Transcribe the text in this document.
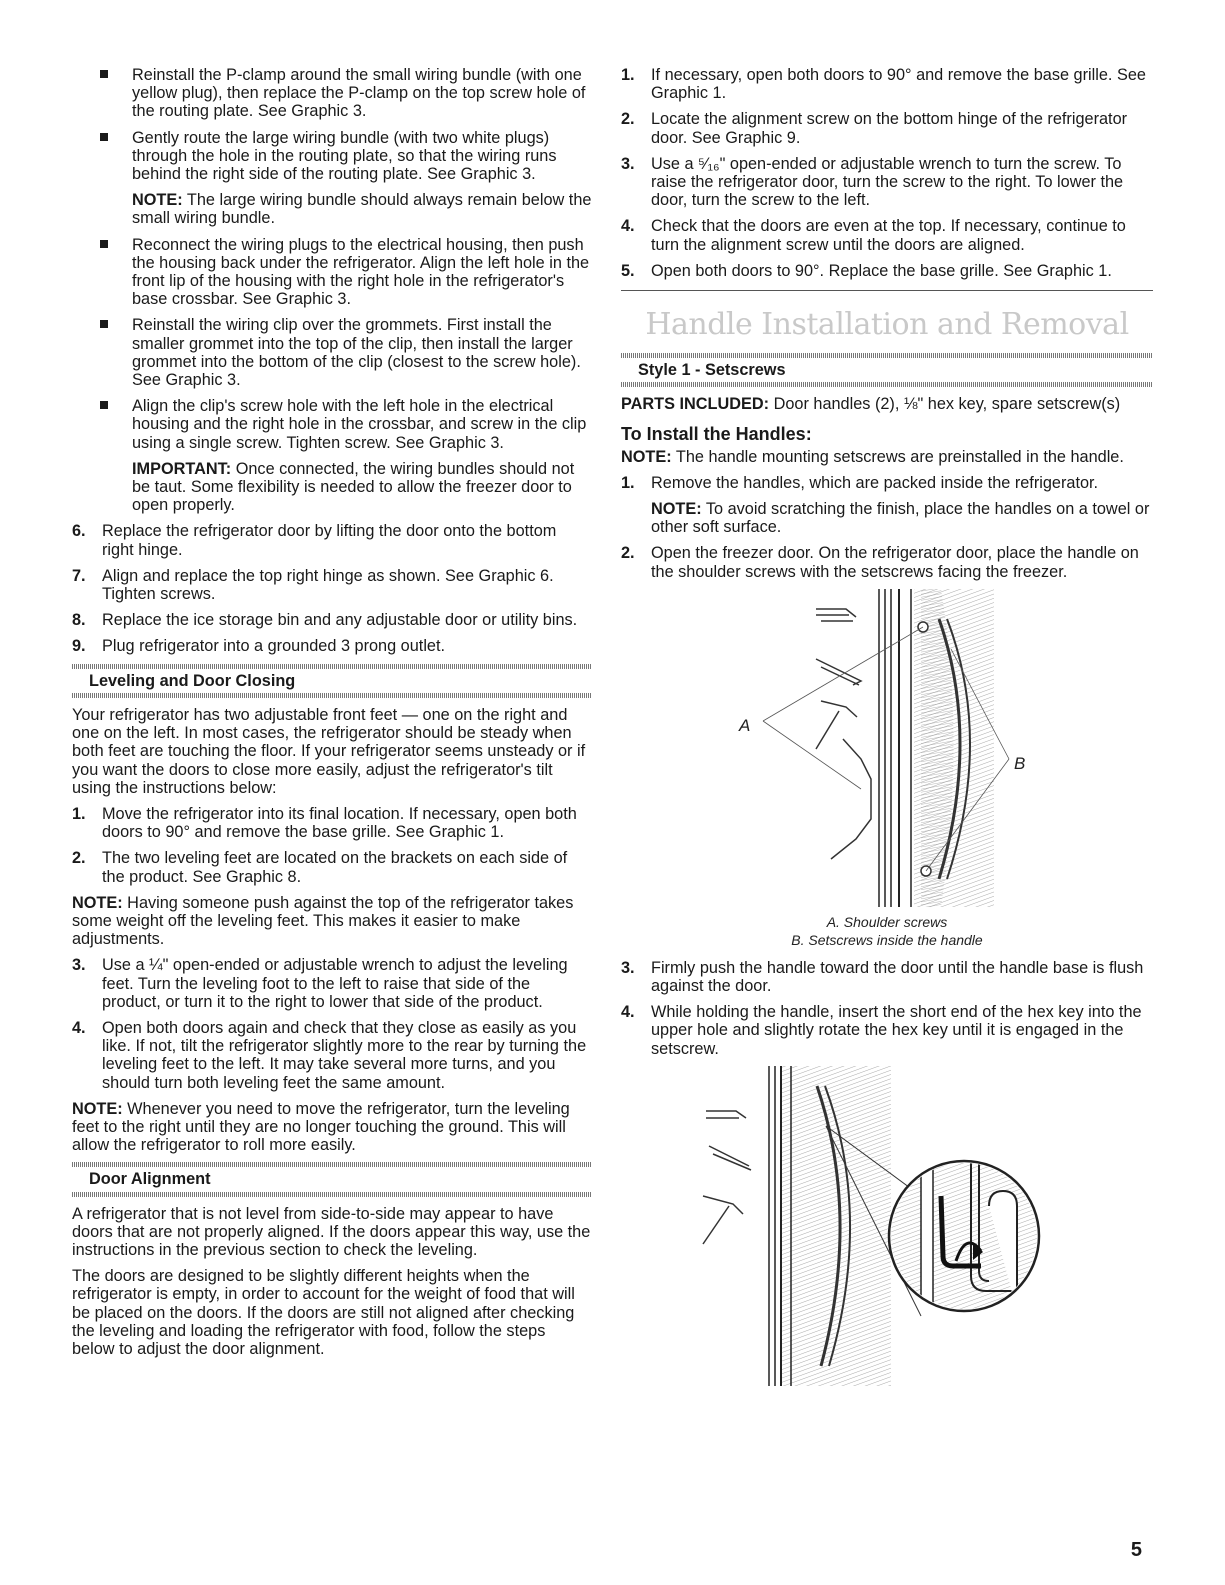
Reinstall the P-clamp around the small wiring bundle (with one yellow plug), then replace the P-clamp on the top screw hole of the routing plate. See Graphic 3.
Gently route the large wiring bundle (with two white plugs) through the hole in the routing plate, so that the wiring runs behind the right side of the routing plate. See Graphic 3.
NOTE: The large wiring bundle should always remain below the small wiring bundle.
Reconnect the wiring plugs to the electrical housing, then push the housing back under the refrigerator. Align the left hole in the front lip of the housing with the right hole in the refrigerator's base crossbar. See Graphic 3.
Reinstall the wiring clip over the grommets. First install the smaller grommet into the top of the clip, then install the larger grommet into the bottom of the clip (closest to the screw hole). See Graphic 3.
Align the clip's screw hole with the left hole in the electrical housing and the right hole in the crossbar, and screw in the clip using a single screw. Tighten screw. See Graphic 3.
IMPORTANT: Once connected, the wiring bundles should not be taut. Some flexibility is needed to allow the freezer door to open properly.
6. Replace the refrigerator door by lifting the door onto the bottom right hinge.
7. Align and replace the top right hinge as shown. See Graphic 6. Tighten screws.
8. Replace the ice storage bin and any adjustable door or utility bins.
9. Plug refrigerator into a grounded 3 prong outlet.
Leveling and Door Closing

Your refrigerator has two adjustable front feet — one on the right and one on the left. In most cases, the refrigerator should be steady when both feet are touching the floor. If your refrigerator seems unsteady or if you want the doors to close more easily, adjust the refrigerator's tilt using the instructions below:

1. Move the refrigerator into its final location. If necessary, open both doors to 90° and remove the base grille. See Graphic 1.
2. The two leveling feet are located on the brackets on each side of the product. See Graphic 8.

NOTE: Having someone push against the top of the refrigerator takes some weight off the leveling feet. This makes it easier to make adjustments.

3. Use a ¼" open-ended or adjustable wrench to adjust the leveling feet. Turn the leveling foot to the left to raise that side of the product, or turn it to the right to lower that side of the product.
4. Open both doors again and check that they close as easily as you like. If not, tilt the refrigerator slightly more to the rear by turning the leveling feet to the left. It may take several more turns, and you should turn both leveling feet the same amount.

NOTE: Whenever you need to move the refrigerator, turn the leveling feet to the right until they are no longer touching the ground. This will allow the refrigerator to roll more easily.

Door Alignment

A refrigerator that is not level from side-to-side may appear to have doors that are not properly aligned. If the doors appear this way, use the instructions in the previous section to check the leveling.

The doors are designed to be slightly different heights when the refrigerator is empty, in order to account for the weight of food that will be placed on the doors. If the doors are still not aligned after checking the leveling and loading the refrigerator with food, follow the steps below to adjust the door alignment.

1. If necessary, open both doors to 90° and remove the base grille. See Graphic 1.
2. Locate the alignment screw on the bottom hinge of the refrigerator door. See Graphic 9.
3. Use a ⁵⁄₁₆" open-ended or adjustable wrench to turn the screw. To raise the refrigerator door, turn the screw to the right. To lower the door, turn the screw to the left.
4. Check that the doors are even at the top. If necessary, continue to turn the alignment screw until the doors are aligned.
5. Open both doors to 90°. Replace the base grille. See Graphic 1.
Handle Installation and Removal
Style 1 - Setscrews

PARTS INCLUDED: Door handles (2), ⅛" hex key, spare setscrew(s)

To Install the Handles:

NOTE: The handle mounting setscrews are preinstalled in the handle.

1. Remove the handles, which are packed inside the refrigerator.
NOTE: To avoid scratching the finish, place the handles on a towel or other soft surface.
2. Open the freezer door. On the refrigerator door, place the handle on the shoulder screws with the setscrews facing the freezer.
A
B

A. Shoulder screws

B. Setscrews inside the handle

3. Firmly push the handle toward the door until the handle base is flush against the door.
4. While holding the handle, insert the short end of the hex key into the upper hole and slightly rotate the hex key until it is engaged in the setscrew.
5
